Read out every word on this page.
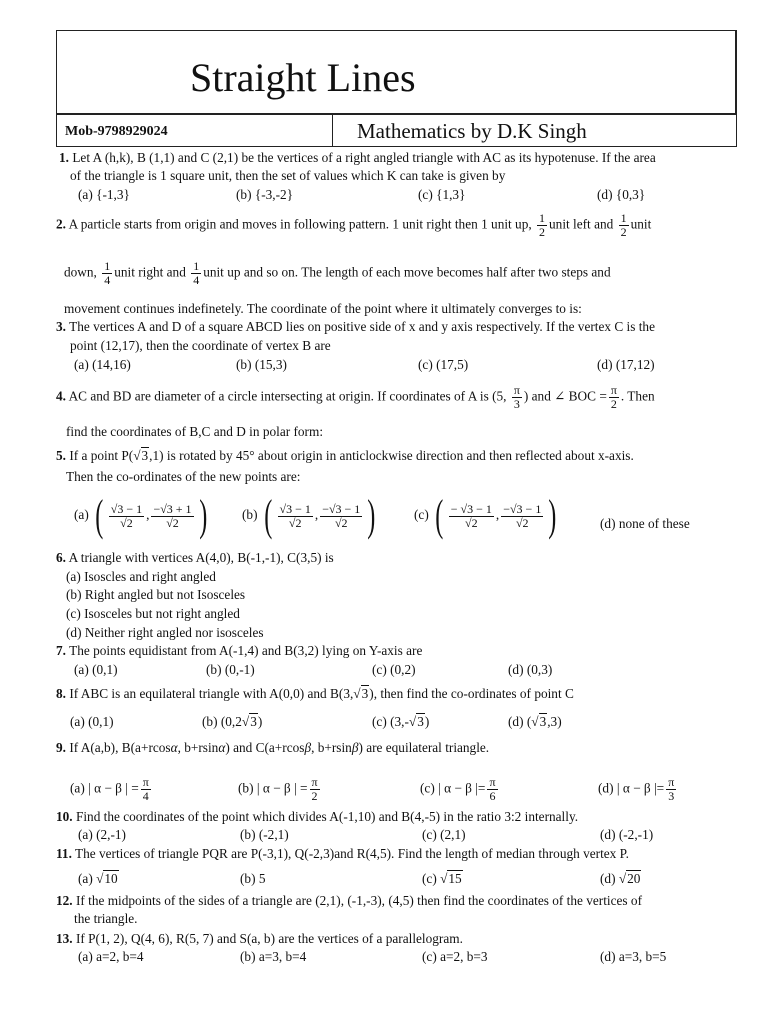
Straight Lines
Mob-9798929024	Mathematics by D.K Singh
1. Let A (h,k), B (1,1) and C (2,1) be the vertices of a right angled triangle with AC as its hypotenuse. If the area
of the triangle is 1 square unit, then the set of values which K can take is given by
(a) {-1,3}	(b) {-3,-2}	(c) {1,3}	(d) {0,3}
2. A particle starts from origin and moves in following pattern. 1 unit right then 1 unit up, $\frac{1}{2}$ unit left and $\frac{1}{2}$ unit
down, $\frac{1}{4}$ unit right and $\frac{1}{4}$ unit up and so on. The length of each move becomes half after two steps and
movement continues indefinetely. The coordinate of the point where it ultimately converges to is:
3. The vertices A and D of a square ABCD lies on positive side of x and y axis respectively. If the vertex C is the
point (12,17), then the coordinate of vertex B are
(a) (14,16)	(b) (15,3)	(c) (17,5)	(d) (17,12)
4. AC and BD are diameter of a circle intersecting at origin. If coordinates of A is (5, $\frac{\pi}{3}$ ) and ∠ BOC = $\frac{\pi}{2}$ . Then
find the coordinates of B,C and D in polar form:
5. If a point P(√3,1) is rotated by 45° about origin in anticlockwise direction and then reflected about x-axis.
Then the co-ordinates of the new points are:
(a) ( $\frac{√3 - 1}{√2}$ , $\frac{-√3 + 1}{√2}$ )	(b) ( $\frac{√3 - 1}{√2}$ , $\frac{-√3 - 1}{√2}$ )	(c) ( $\frac{- √3 - 1}{√2}$ , $\frac{-√3 - 1}{√2}$ )	(d) none of these
6. A triangle with vertices A(4,0), B(-1,-1), C(3,5) is
(a) Isoscles and right angled
(b) Right angled but not Isosceles
(c) Isosceles but not right angled
(d) Neither right angled nor isosceles
7. The points equidistant from A(-1,4) and B(3,2) lying on Y-axis are
(a) (0,1)	(b) (0,-1)	(c) (0,2)	(d) (0,3)
8. If ABC is an equilateral triangle with A(0,0) and B(3,√3), then find the co-ordinates of point C
(a) (0,1)	(b) (0,2√3)	(c) (3,-√3)	(d) (√3,3)
9. If A(a,b), B(a+rcosα, b+rsinα) and C(a+rcosβ, b+rsinβ) are equilateral triangle.
(a) | α − β | = $\frac{\pi}{4}$	(b) | α − β | = $\frac{\pi}{2}$	(c) | α − β |= $\frac{\pi}{6}$	(d) | α − β |= $\frac{\pi}{3}$
10. Find the coordinates of the point which divides A(-1,10) and B(4,-5) in the ratio 3:2 internally.
(a) (2,-1)	(b) (-2,1)	(c) (2,1)	(d) (-2,-1)
11. The vertices of triangle PQR are P(-3,1), Q(-2,3)and R(4,5). Find the length of median through vertex P.
(a) √10	(b) 5	(c) √15	(d) √20
12. If the midpoints of the sides of a triangle are (2,1), (-1,-3), (4,5) then find the coordinates of the vertices of
the triangle.
13. If P(1, 2), Q(4, 6), R(5, 7) and S(a, b) are the vertices of a parallelogram.
(a) a=2, b=4	(b) a=3, b=4	(c) a=2, b=3	(d) a=3, b=5
